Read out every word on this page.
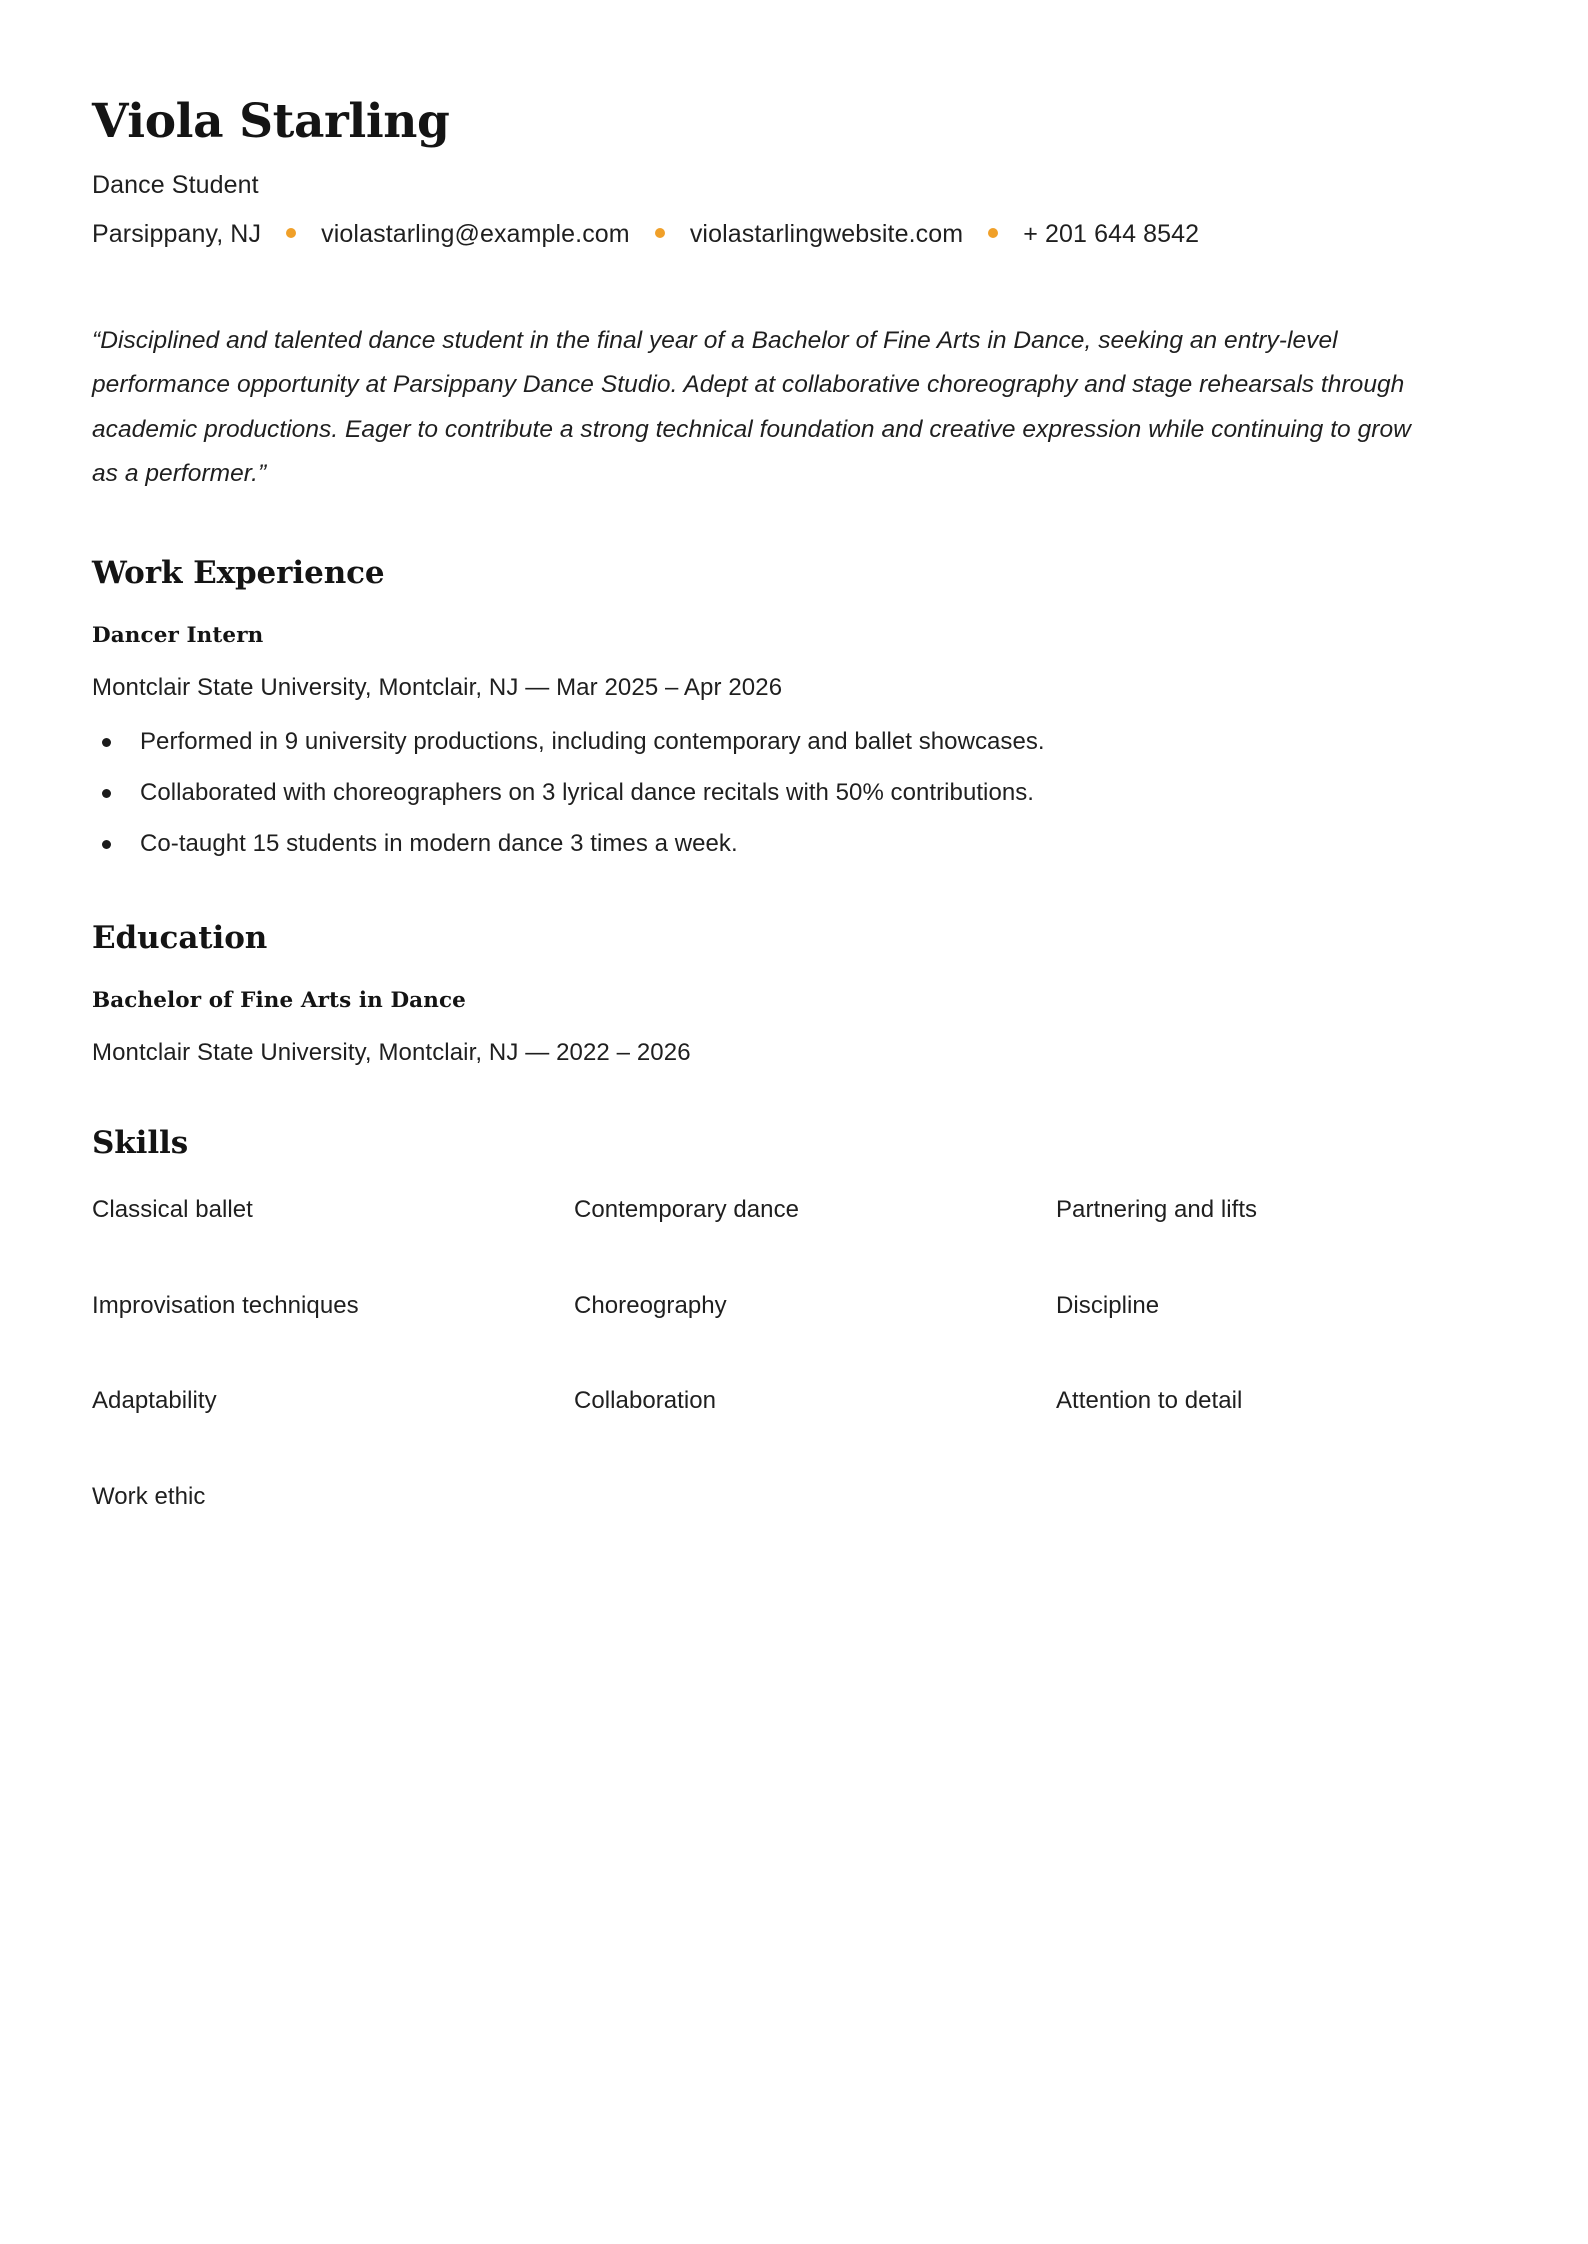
Viola Starling
Dance Student
Parsippany, NJ violastarling@example.com violastarlingwebsite.com + 201 644 8542
“Disciplined and talented dance student in the final year of a Bachelor of Fine Arts in Dance, seeking an entry-level performance opportunity at Parsippany Dance Studio. Adept at collaborative choreography and stage rehearsals through academic productions. Eager to contribute a strong technical foundation and creative expression while continuing to grow as a performer.”
Work Experience
Dancer Intern
Montclair State University, Montclair, NJ — Mar 2025 – Apr 2026
Performed in 9 university productions, including contemporary and ballet showcases.
Collaborated with choreographers on 3 lyrical dance recitals with 50% contributions.
Co-taught 15 students in modern dance 3 times a week.
Education
Bachelor of Fine Arts in Dance
Montclair State University, Montclair, NJ — 2022 – 2026
Skills
Classical ballet	Contemporary dance	Partnering and lifts
Improvisation techniques	Choreography	Discipline
Adaptability	Collaboration	Attention to detail
Work ethic
